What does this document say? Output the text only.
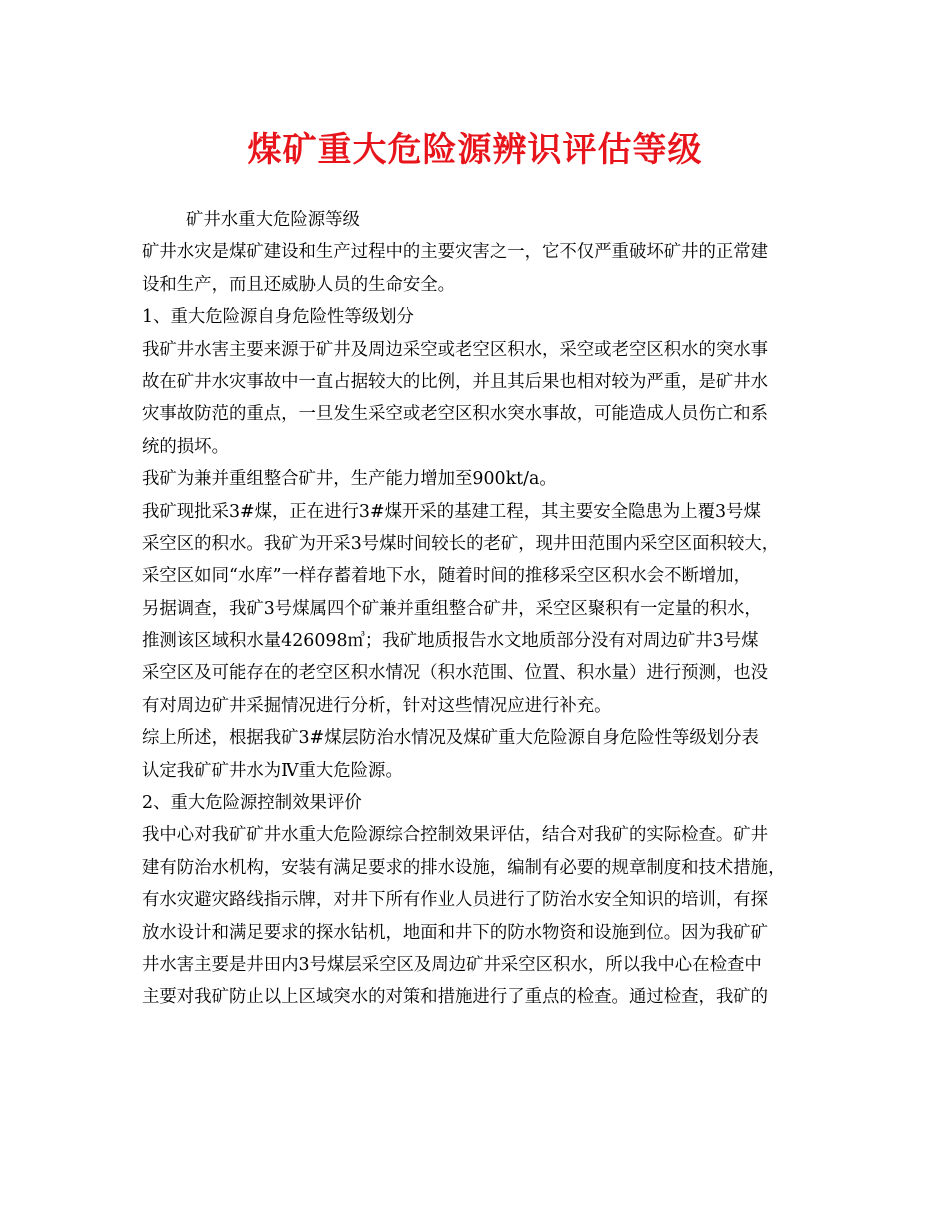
煤矿重大危险源辨识评估等级
矿井水重大危险源等级
矿井水灾是煤矿建设和生产过程中的主要灾害之一，它不仅严重破坏矿井的正常建
设和生产，而且还威胁人员的生命安全。
1、重大危险源自身危险性等级划分
我矿井水害主要来源于矿井及周边采空或老空区积水，采空或老空区积水的突水事
故在矿井水灾事故中一直占据较大的比例，并且其后果也相对较为严重，是矿井水
灾事故防范的重点，一旦发生采空或老空区积水突水事故，可能造成人员伤亡和系
统的损坏。
我矿为兼并重组整合矿井，生产能力增加至900kt/a。
我矿现批采3#煤，正在进行3#煤开采的基建工程，其主要安全隐患为上覆3号煤
采空区的积水。我矿为开采3号煤时间较长的老矿，现井田范围内采空区面积较大，
采空区如同“水库”一样存蓄着地下水，随着时间的推移采空区积水会不断增加，
另据调查，我矿3号煤属四个矿兼并重组整合矿井，采空区聚积有一定量的积水，
推测该区域积水量426098㎥；我矿地质报告水文地质部分没有对周边矿井3号煤
采空区及可能存在的老空区积水情况（积水范围、位置、积水量）进行预测，也没
有对周边矿井采掘情况进行分析，针对这些情况应进行补充。
综上所述，根据我矿3#煤层防治水情况及煤矿重大危险源自身危险性等级划分表
认定我矿矿井水为Ⅳ重大危险源。
2、重大危险源控制效果评价
我中心对我矿矿井水重大危险源综合控制效果评估，结合对我矿的实际检查。矿井
建有防治水机构，安装有满足要求的排水设施，编制有必要的规章制度和技术措施，
有水灾避灾路线指示牌，对井下所有作业人员进行了防治水安全知识的培训，有探
放水设计和满足要求的探水钻机，地面和井下的防水物资和设施到位。因为我矿矿
井水害主要是井田内3号煤层采空区及周边矿井采空区积水，所以我中心在检查中
主要对我矿防止以上区域突水的对策和措施进行了重点的检查。通过检查，我矿的
